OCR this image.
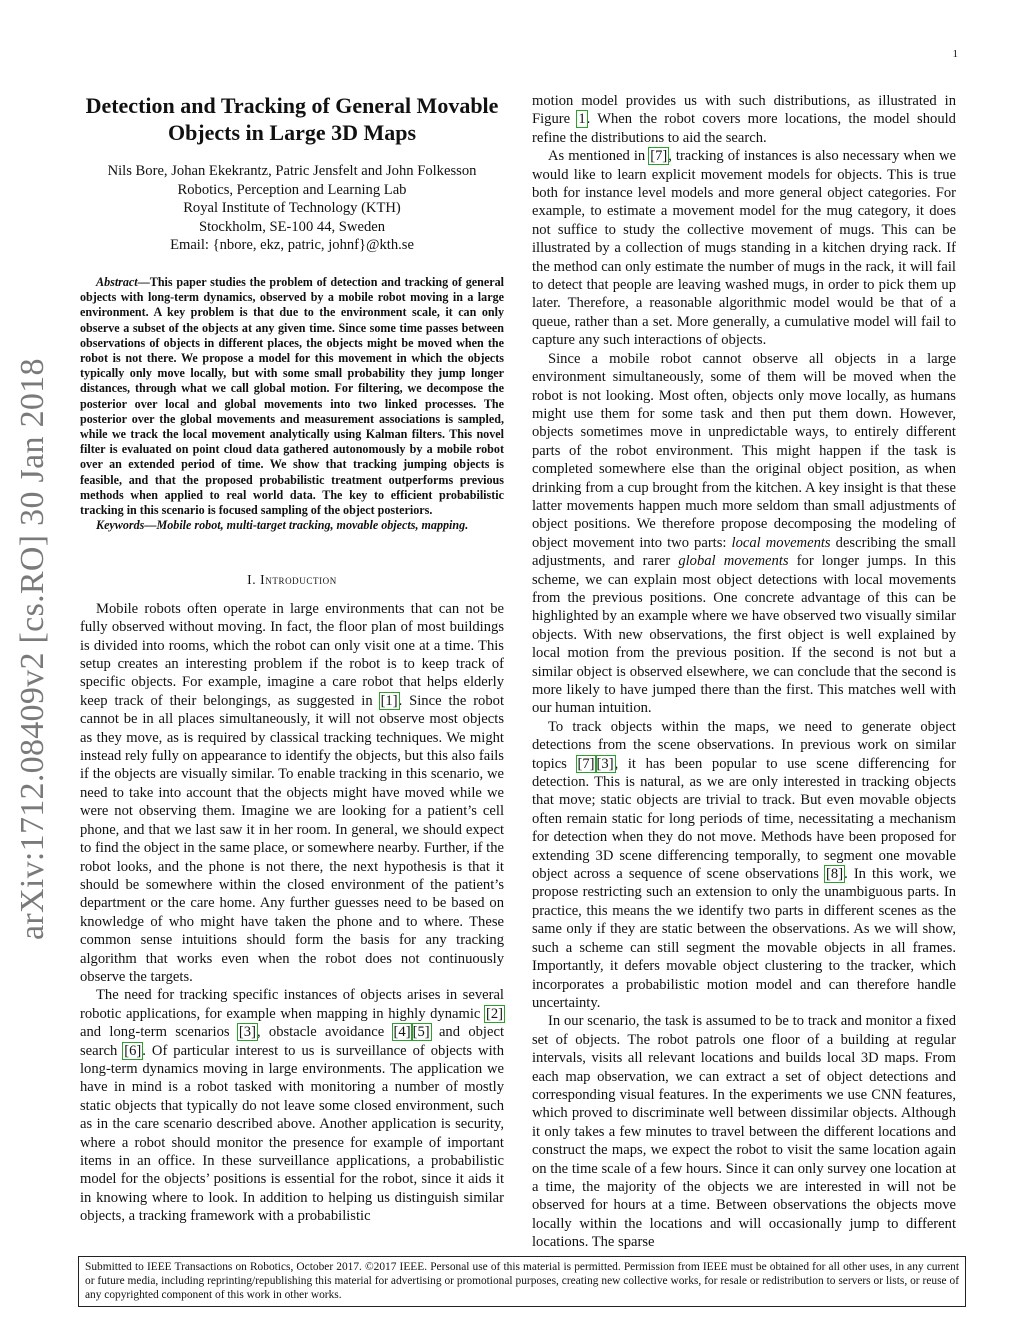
1
arXiv:1712.08409v2 [cs.RO] 30 Jan 2018
Detection and Tracking of General Movable Objects in Large 3D Maps
Nils Bore, Johan Ekekrantz, Patric Jensfelt and John Folkesson
Robotics, Perception and Learning Lab
Royal Institute of Technology (KTH)
Stockholm, SE-100 44, Sweden
Email: {nbore, ekz, patric, johnf}@kth.se

Abstract—This paper studies the problem of detection and tracking of general objects with long-term dynamics, observed by a mobile robot moving in a large environment. A key problem is that due to the environment scale, it can only observe a subset of the objects at any given time. Since some time passes between observations of objects in different places, the objects might be moved when the robot is not there. We propose a model for this movement in which the objects typically only move locally, but with some small probability they jump longer distances, through what we call global motion. For filtering, we decompose the posterior over local and global movements into two linked processes. The posterior over the global movements and measurement associations is sampled, while we track the local movement analytically using Kalman filters. This novel filter is evaluated on point cloud data gathered autonomously by a mobile robot over an extended period of time. We show that tracking jumping objects is feasible, and that the proposed probabilistic treatment outperforms previous methods when applied to real world data. The key to efficient probabilistic tracking in this scenario is focused sampling of the object posteriors.

Keywords—Mobile robot, multi-target tracking, movable objects, mapping.

I. Introduction

Mobile robots often operate in large environments that can not be fully observed without moving. In fact, the floor plan of most buildings is divided into rooms, which the robot can only visit one at a time. This setup creates an interesting problem if the robot is to keep track of specific objects. For example, imagine a care robot that helps elderly keep track of their belongings, as suggested in [1]. Since the robot cannot be in all places simultaneously, it will not observe most objects as they move, as is required by classical tracking techniques. We might instead rely fully on appearance to identify the objects, but this also fails if the objects are visually similar. To enable tracking in this scenario, we need to take into account that the objects might have moved while we were not observing them. Imagine we are looking for a patient’s cell phone, and that we last saw it in her room. In general, we should expect to find the object in the same place, or somewhere nearby. Further, if the robot looks, and the phone is not there, the next hypothesis is that it should be somewhere within the closed environment of the patient’s department or the care home. Any further guesses need to be based on knowledge of who might have taken the phone and to where. These common sense intuitions should form the basis for any tracking algorithm that works even when the robot does not continuously observe the targets.

The need for tracking specific instances of objects arises in several robotic applications, for example when mapping in highly dynamic [2] and long-term scenarios [3], obstacle avoidance [4] [5] and object search [6]. Of particular interest to us is surveillance of objects with long-term dynamics moving in large environments. The application we have in mind is a robot tasked with monitoring a number of mostly static objects that typically do not leave some closed environment, such as in the care scenario described above. Another application is security, where a robot should monitor the presence for example of important items in an office. In these surveillance applications, a probabilistic model for the objects’ positions is essential for the robot, since it aids it in knowing where to look. In addition to helping us distinguish similar objects, a tracking framework with a probabilistic

motion model provides us with such distributions, as illustrated in Figure 1. When the robot covers more locations, the model should refine the distributions to aid the search.

As mentioned in [7], tracking of instances is also necessary when we would like to learn explicit movement models for objects. This is true both for instance level models and more general object categories. For example, to estimate a movement model for the mug category, it does not suffice to study the collective movement of mugs. This can be illustrated by a collection of mugs standing in a kitchen drying rack. If the method can only estimate the number of mugs in the rack, it will fail to detect that people are leaving washed mugs, in order to pick them up later. Therefore, a reasonable algorithmic model would be that of a queue, rather than a set. More generally, a cumulative model will fail to capture any such interactions of objects.

Since a mobile robot cannot observe all objects in a large environment simultaneously, some of them will be moved when the robot is not looking. Most often, objects only move locally, as humans might use them for some task and then put them down. However, objects sometimes move in unpredictable ways, to entirely different parts of the robot environment. This might happen if the task is completed somewhere else than the original object position, as when drinking from a cup brought from the kitchen. A key insight is that these latter movements happen much more seldom than small adjustments of object positions. We therefore propose decomposing the modeling of object movement into two parts: local movements describing the small adjustments, and rarer global movements for longer jumps. In this scheme, we can explain most object detections with local movements from the previous positions. One concrete advantage of this can be highlighted by an example where we have observed two visually similar objects. With new observations, the first object is well explained by local motion from the previous position. If the second is not but a similar object is observed elsewhere, we can conclude that the second is more likely to have jumped there than the first. This matches well with our human intuition.

To track objects within the maps, we need to generate object detections from the scene observations. In previous work on similar topics [7] [3], it has been popular to use scene differencing for detection. This is natural, as we are only interested in tracking objects that move; static objects are trivial to track. But even movable objects often remain static for long periods of time, necessitating a mechanism for detection when they do not move. Methods have been proposed for extending 3D scene differencing temporally, to segment one movable object across a sequence of scene observations [8]. In this work, we propose restricting such an extension to only the unambiguous parts. In practice, this means the we identify two parts in different scenes as the same only if they are static between the observations. As we will show, such a scheme can still segment the movable objects in all frames. Importantly, it defers movable object clustering to the tracker, which incorporates a probabilistic motion model and can therefore handle uncertainty.

In our scenario, the task is assumed to be to track and monitor a fixed set of objects. The robot patrols one floor of a building at regular intervals, visits all relevant locations and builds local 3D maps. From each map observation, we can extract a set of object detections and corresponding visual features. In the experiments we use CNN features, which proved to discriminate well between dissimilar objects. Although it only takes a few minutes to travel between the different locations and construct the maps, we expect the robot to visit the same location again on the time scale of a few hours. Since it can only survey one location at a time, the majority of the objects we are interested in will not be observed for hours at a time. Between observations the objects move locally within the locations and will occasionally jump to different locations. The sparse

Submitted to IEEE Transactions on Robotics, October 2017. ©2017 IEEE. Personal use of this material is permitted. Permission from IEEE must be obtained for all other uses, in any current or future media, including reprinting/republishing this material for advertising or promotional purposes, creating new collective works, for resale or redistribution to servers or lists, or reuse of any copyrighted component of this work in other works.
